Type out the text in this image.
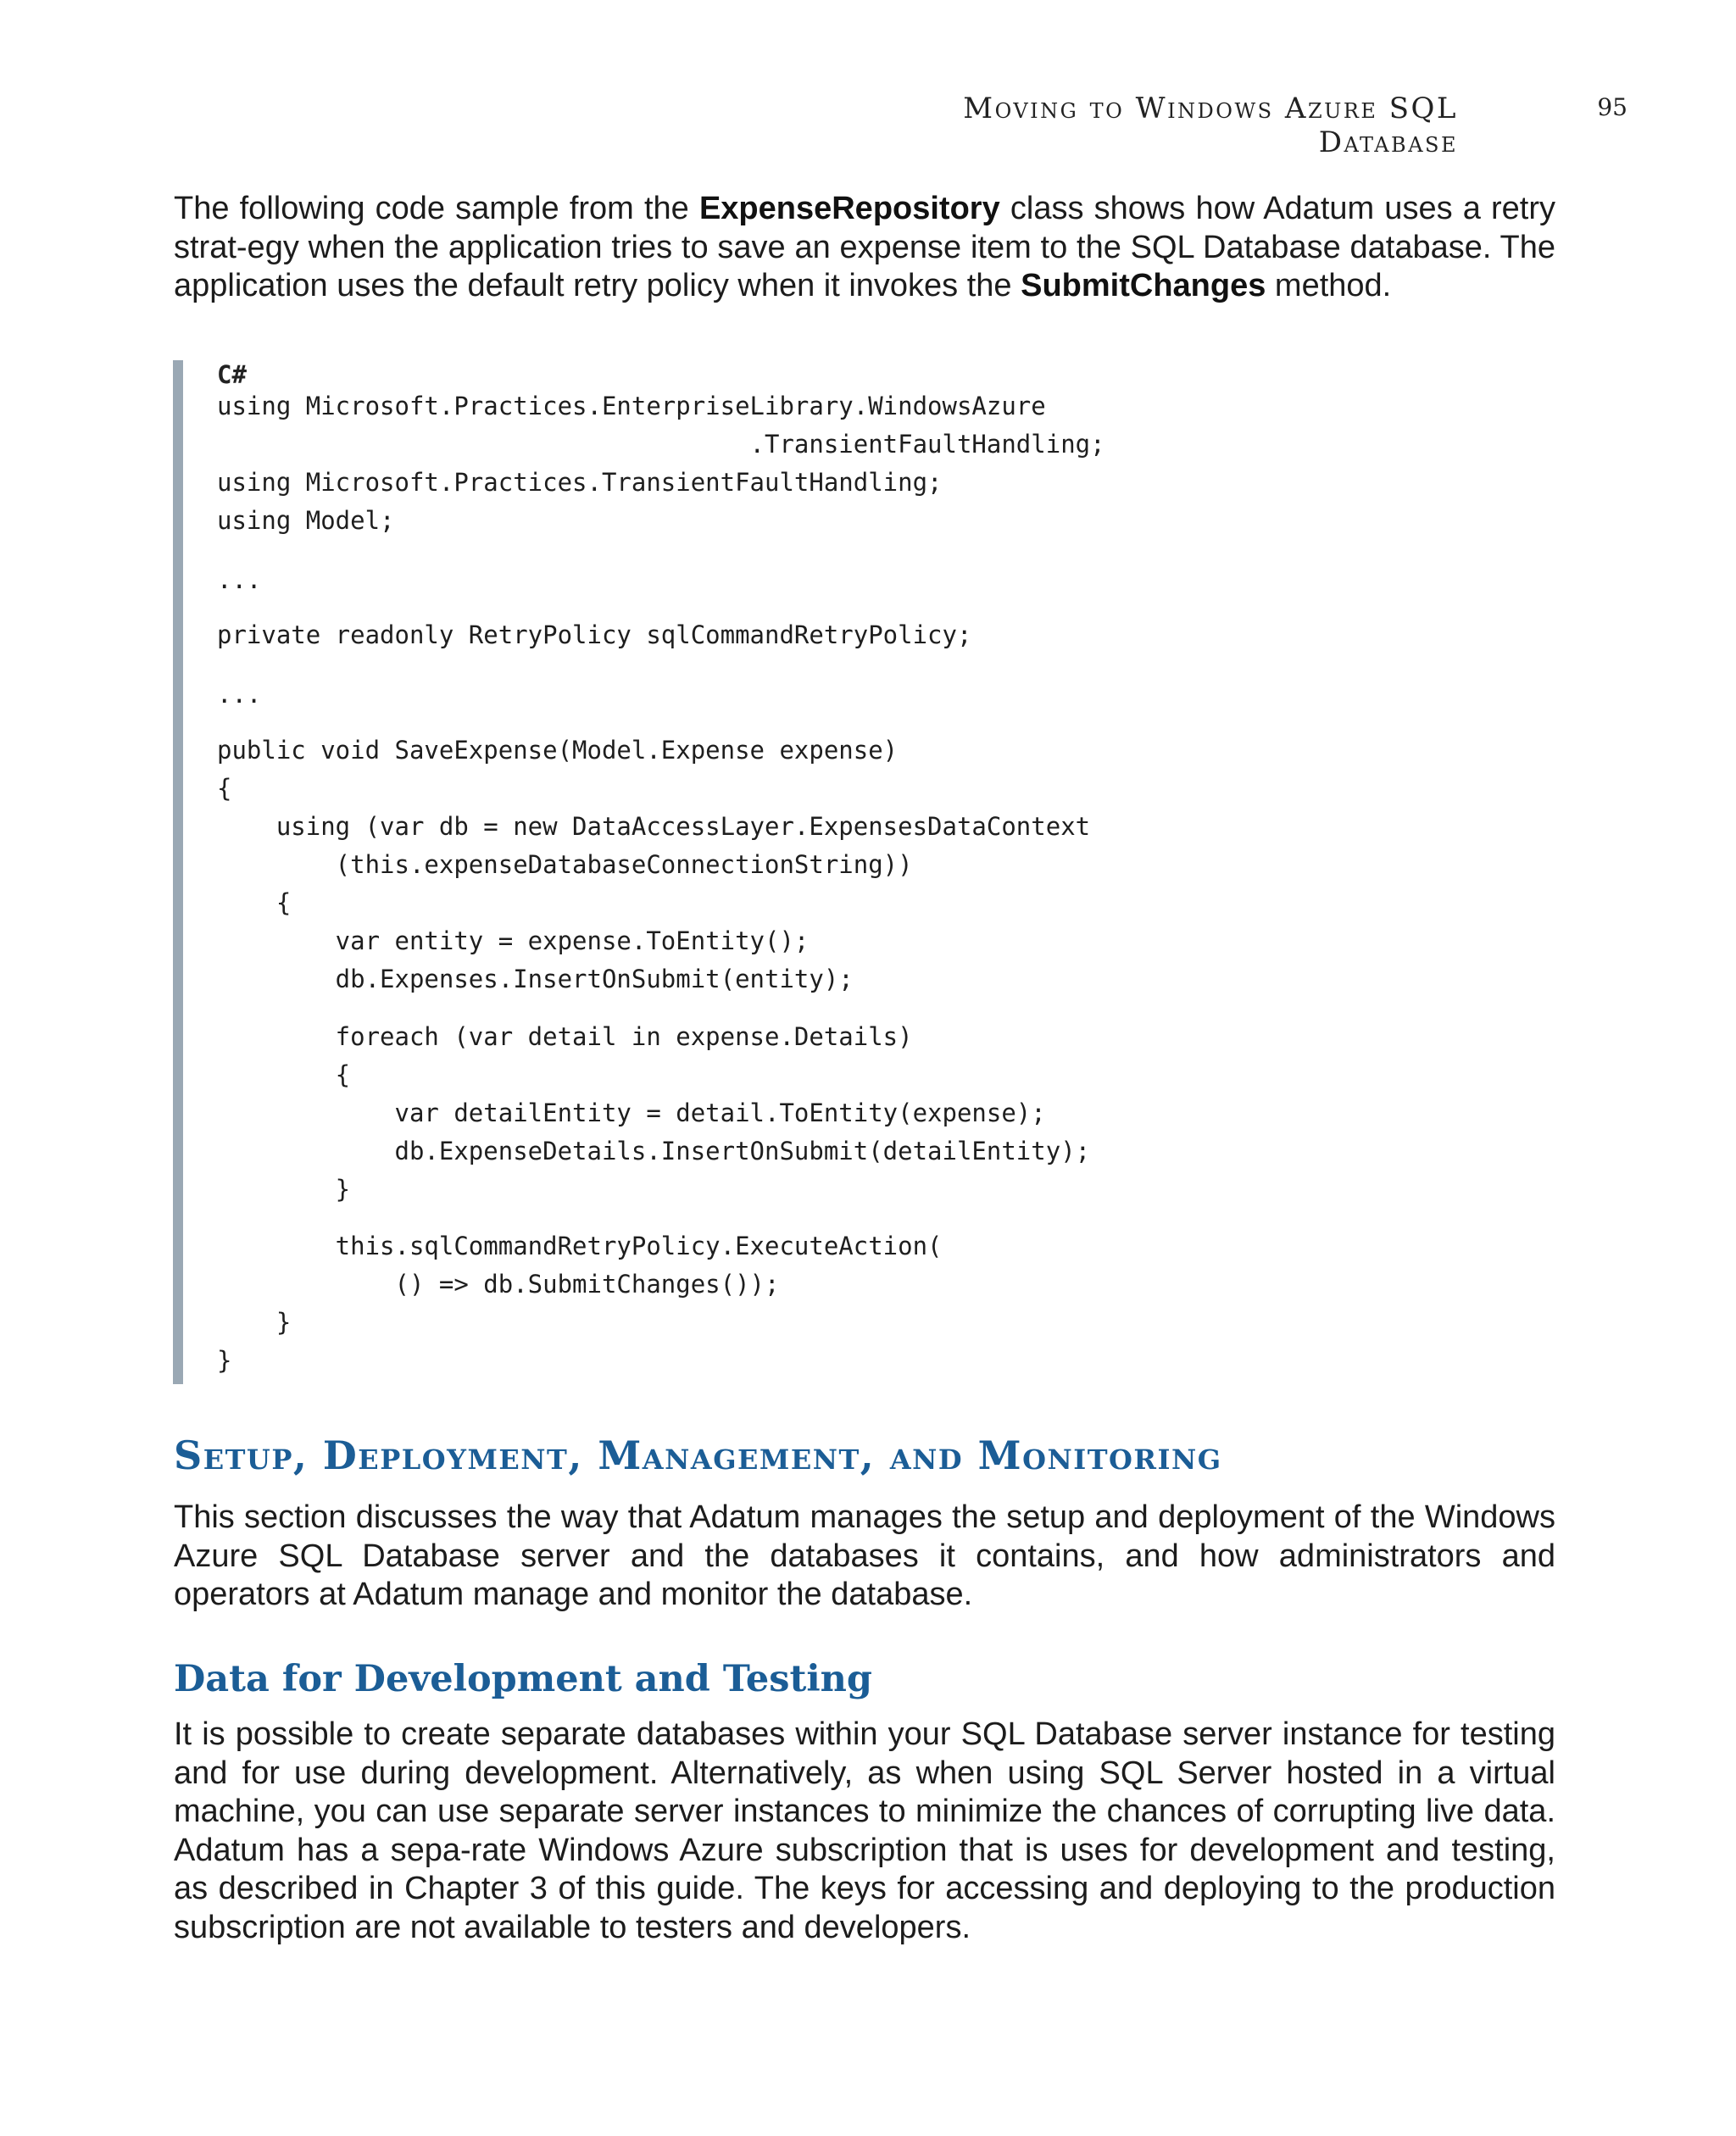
Moving to Windows Azure SQL Database
95

The following code sample from the ExpenseRepository class shows how Adatum uses a retry strat-egy when the application tries to save an expense item to the SQL Database database. The application uses the default retry policy when it invokes the SubmitChanges method.

C#
using Microsoft.Practices.EnterpriseLibrary.WindowsAzure
.TransientFaultHandling;
using Microsoft.Practices.TransientFaultHandling;
using Model;
...
private readonly RetryPolicy sqlCommandRetryPolicy;
...
public void SaveExpense(Model.Expense expense)
{
using (var db = new DataAccessLayer.ExpensesDataContext
(this.expenseDatabaseConnectionString))
{
var entity = expense.ToEntity();
db.Expenses.InsertOnSubmit(entity);
foreach (var detail in expense.Details)
{
var detailEntity = detail.ToEntity(expense);
db.ExpenseDetails.InsertOnSubmit(detailEntity);
}
this.sqlCommandRetryPolicy.ExecuteAction(
() => db.SubmitChanges());
}
}
Setup, Deployment, Management, and Monitoring

This section discusses the way that Adatum manages the setup and deployment of the Windows Azure SQL Database server and the databases it contains, and how administrators and operators at Adatum manage and monitor the database.

Data for Development and Testing

It is possible to create separate databases within your SQL Database server instance for testing and for use during development. Alternatively, as when using SQL Server hosted in a virtual machine, you can use separate server instances to minimize the chances of corrupting live data. Adatum has a sepa-rate Windows Azure subscription that is uses for development and testing, as described in Chapter 3 of this guide. The keys for accessing and deploying to the production subscription are not available to testers and developers.
